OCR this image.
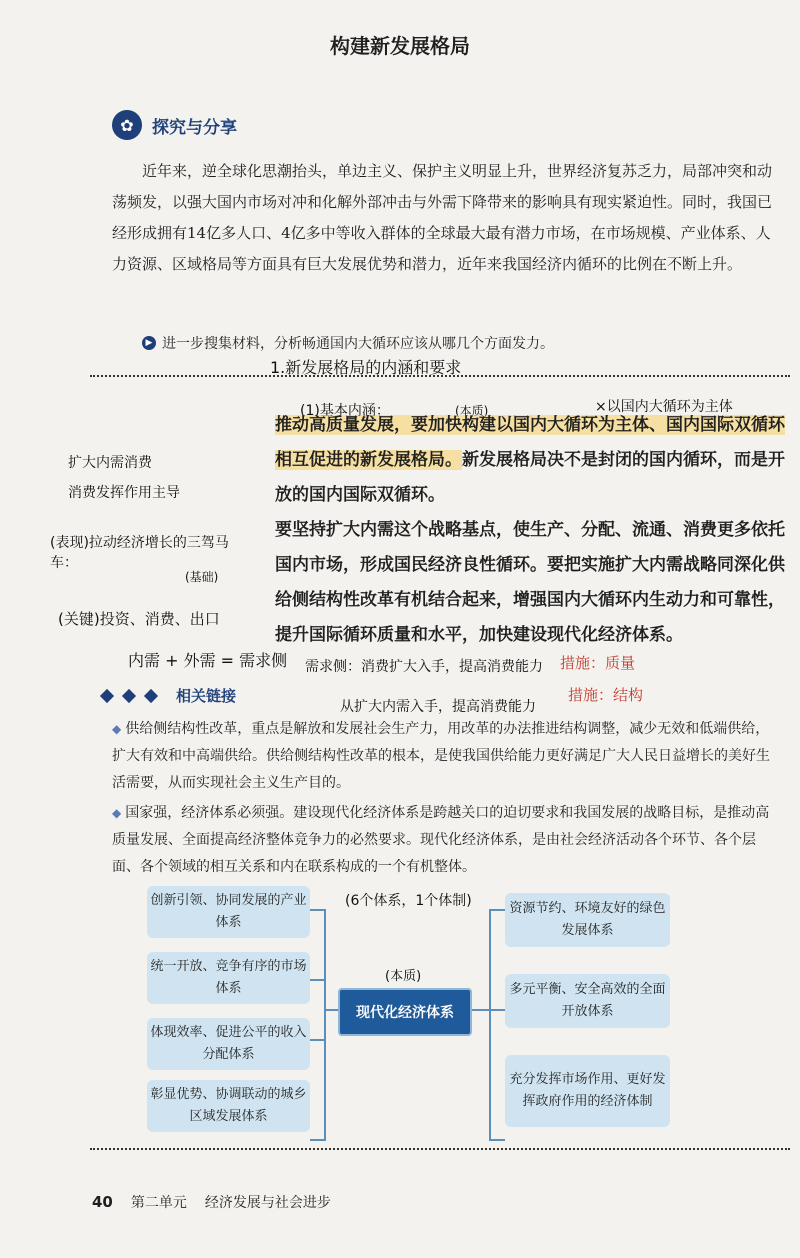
构建新发展格局
✿	探究与分享

近年来，逆全球化思潮抬头，单边主义、保护主义明显上升，世界经济复苏乏力，局部冲突和动荡频发，以强大国内市场对冲和化解外部冲击与外需下降带来的影响具有现实紧迫性。同时，我国已经形成拥有14亿多人口、4亿多中等收入群体的全球最大最有潜力市场，在市场规模、产业体系、人力资源、区域格局等方面具有巨大发展优势和潜力，近年来我国经济内循环的比例在不断上升。

▶ 进一步搜集材料，分析畅通国内大循环应该从哪几个方面发力。
1.新发展格局的内涵和要求
(1)基本内涵：	×以国内大循环为主体
(本质)

推动高质量发展，要加快构建以国内大循环为主体、国内国际双循环相互促进的新发展格局。新发展格局决不是封闭的国内循环，而是开放的国内国际双循环。

要坚持扩大内需这个战略基点，使生产、分配、流通、消费更多依托国内市场，形成国民经济良性循环。要把实施扩大内需战略同深化供给侧结构性改革有机结合起来，增强国内大循环内生动力和可靠性，提升国际循环质量和水平，加快建设现代化经济体系。

扩大内需消费
消费发挥作用主导
(表现)拉动经济增长的三驾马车：
(基础)
(关键)投资、消费、出口
内需 + 外需 = 需求侧 需求侧：消费扩大入手，提高消费能力
从扩大内需入手，提高消费能力
措施：质量
措施：结构
相关链接

◆ 供给侧结构性改革，重点是解放和发展社会生产力，用改革的办法推进结构调整，减少无效和低端供给，扩大有效和中高端供给。供给侧结构性改革的根本，是使我国供给能力更好满足广大人民日益增长的美好生活需要，从而实现社会主义生产目的。

◆ 国家强，经济体系必须强。建设现代化经济体系是跨越关口的迫切要求和我国发展的战略目标，是推动高质量发展、全面提高经济整体竞争力的必然要求。现代化经济体系，是由社会经济活动各个环节、各个层面、各个领域的相互关系和内在联系构成的一个有机整体。

(6个体系，1个体制)
(本质)
创新引领、协同发展的产业体系
统一开放、竞争有序的市场体系
体现效率、促进公平的收入分配体系
彰显优势、协调联动的城乡区域发展体系
现代化经济体系
资源节约、环境友好的绿色发展体系
多元平衡、安全高效的全面开放体系
充分发挥市场作用、更好发挥政府作用的经济体制
40 第二单元 经济发展与社会进步
